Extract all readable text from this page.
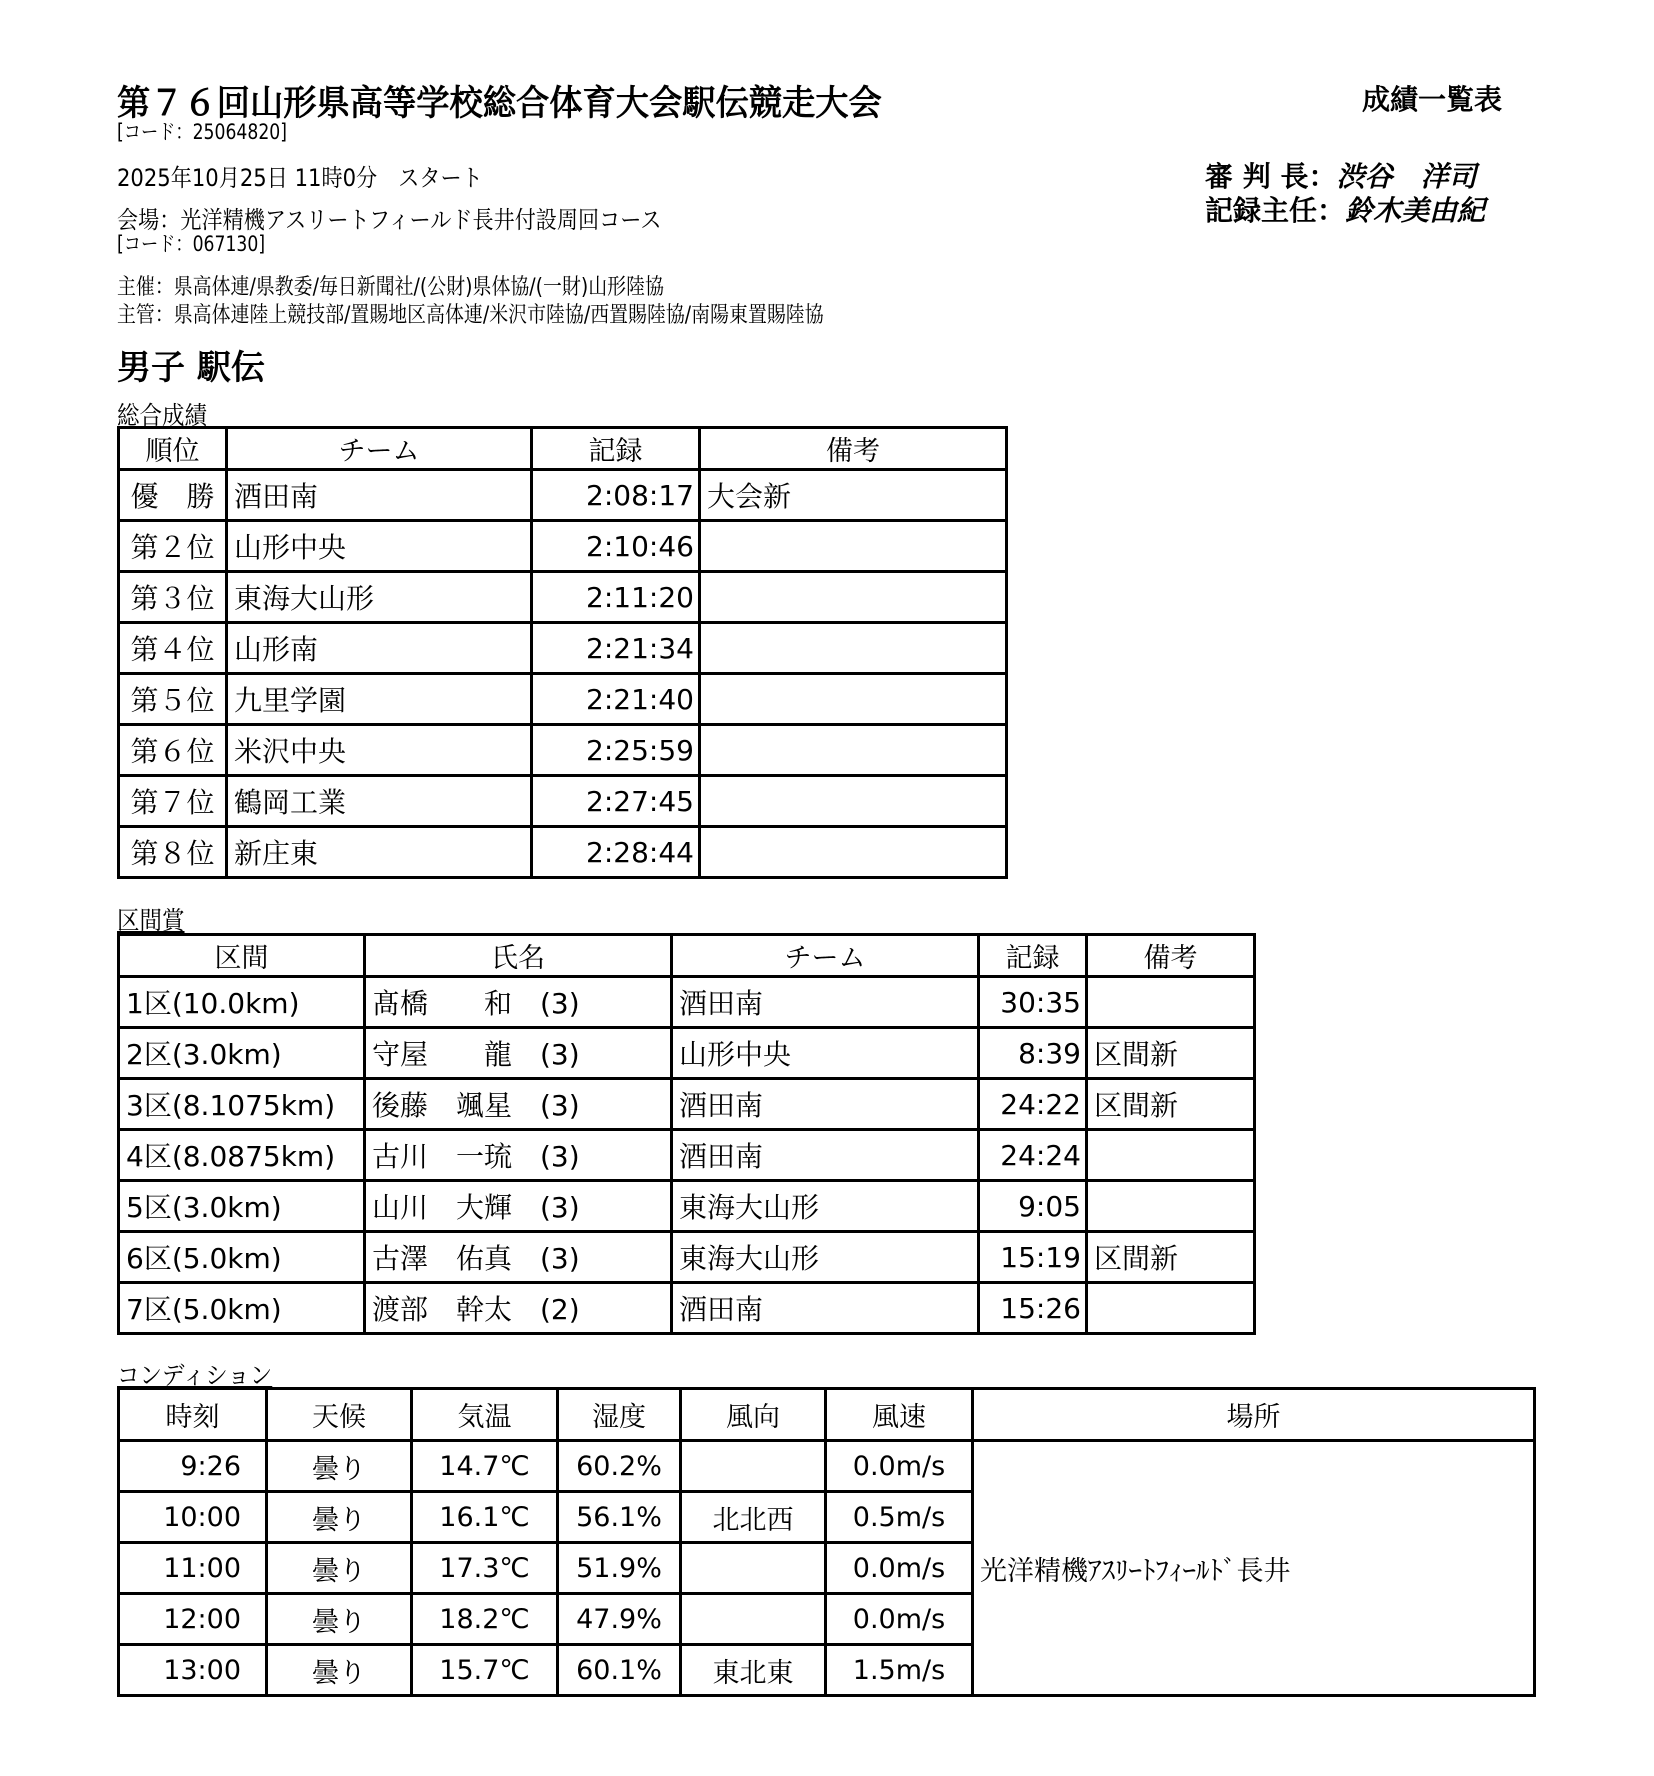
第７６回山形県高等学校総合体育大会駅伝競走大会	成績一覧表
[コード：25064820]
2025年10月25日 11時0分　スタート
会場：光洋精機アスリートフィールド長井付設周回コース
[コード：067130]
審 判 長：渋谷　洋司
記録主任：鈴木美由紀
主催：県高体連/県教委/毎日新聞社/(公財)県体協/(一財)山形陸協
主管：県高体連陸上競技部/置賜地区高体連/米沢市陸協/西置賜陸協/南陽東置賜陸協
男子 駅伝
総合成績
順位	チーム	記録	備考
優　勝	酒田南	2:08:17	大会新
第２位	山形中央	2:10:46	
第３位	東海大山形	2:11:20	
第４位	山形南	2:21:34	
第５位	九里学園	2:21:40	
第６位	米沢中央	2:25:59	
第７位	鶴岡工業	2:27:45	
第８位	新庄東	2:28:44	
区間賞
区間	氏名	チーム	記録	備考
1区(10.0km)	髙橋　　和　(3)	酒田南	30:35	
2区(3.0km)	守屋　　龍　(3)	山形中央	8:39	区間新
3区(8.1075km)	後藤　颯星　(3)	酒田南	24:22	区間新
4区(8.0875km)	古川　一琉　(3)	酒田南	24:24	
5区(3.0km)	山川　大輝　(3)	東海大山形	9:05	
6区(5.0km)	古澤　佑真　(3)	東海大山形	15:19	区間新
7区(5.0km)	渡部　幹太　(2)	酒田南	15:26	
コンディション
時刻	天候	気温	湿度	風向	風速	場所
9:26	曇り	14.7℃	60.2%		0.0m/s	光洋精機ｱｽﾘｰﾄﾌｨｰﾙﾄﾞ長井
10:00	曇り	16.1℃	56.1%	北北西	0.5m/s	
11:00	曇り	17.3℃	51.9%		0.0m/s	
12:00	曇り	18.2℃	47.9%		0.0m/s	
13:00	曇り	15.7℃	60.1%	東北東	1.5m/s	
